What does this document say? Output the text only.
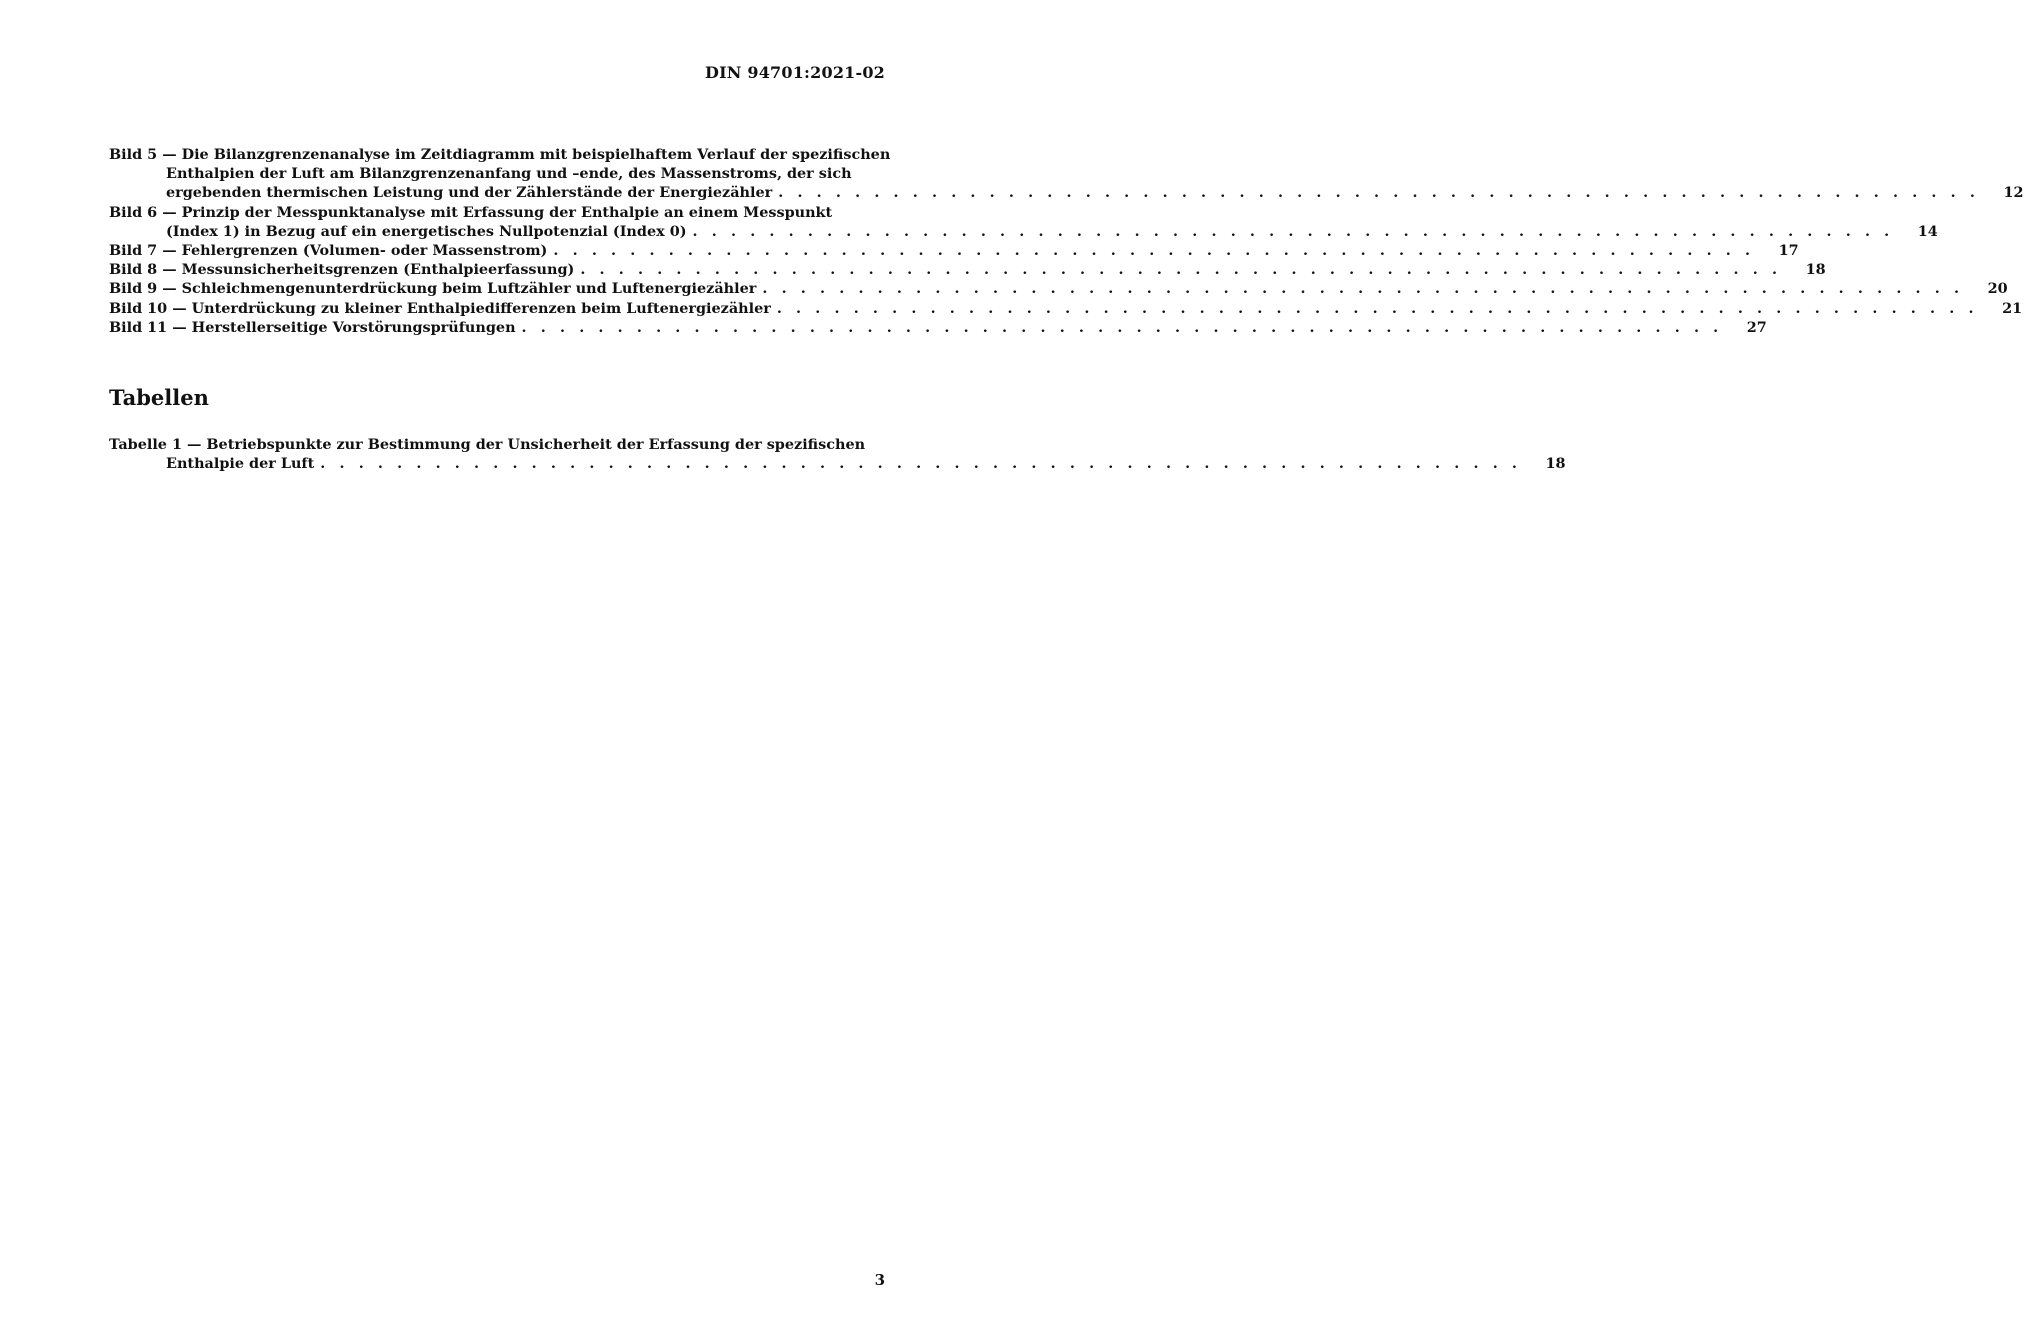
DIN 94701:2021-02
Bild 5 — Die Bilanzgrenzenanalyse im Zeitdiagramm mit beispielhaftem Verlauf der spezifischen
Enthalpien der Luft am Bilanzgrenzenanfang und –ende, des Massenstroms, der sich
ergebenden thermischen Leistung und der Zählerstände der Energiezähler . . . . . . . . . . . . . . . . . . . . . . . . . . . . . . . . . . . . . . . . . . . . . . . . . . . . . . . . . . . . . . . 12
Bild 6 — Prinzip der Messpunktanalyse mit Erfassung der Enthalpie an einem Messpunkt
(Index 1) in Bezug auf ein energetisches Nullpotenzial (Index 0) . . . . . . . . . . . . . . . . . . . . . . . . . . . . . . . . . . . . . . . . . . . . . . . . . . . . . . . . . . . . . . . 14
Bild 7 — Fehlergrenzen (Volumen- oder Massenstrom) . . . . . . . . . . . . . . . . . . . . . . . . . . . . . . . . . . . . . . . . . . . . . . . . . . . . . . . . . . . . . . . 17
Bild 8 — Messunsicherheitsgrenzen (Enthalpieerfassung) . . . . . . . . . . . . . . . . . . . . . . . . . . . . . . . . . . . . . . . . . . . . . . . . . . . . . . . . . . . . . . . 18
Bild 9 — Schleichmengenunterdrückung beim Luftzähler und Luftenergiezähler . . . . . . . . . . . . . . . . . . . . . . . . . . . . . . . . . . . . . . . . . . . . . . . . . . . . . . . . . . . . . . . 20
Bild 10 — Unterdrückung zu kleiner Enthalpiedifferenzen beim Luftenergiezähler . . . . . . . . . . . . . . . . . . . . . . . . . . . . . . . . . . . . . . . . . . . . . . . . . . . . . . . . . . . . . . . 21
Bild 11 — Herstellerseitige Vorstörungsprüfungen . . . . . . . . . . . . . . . . . . . . . . . . . . . . . . . . . . . . . . . . . . . . . . . . . . . . . . . . . . . . . . . 27
Tabellen
Tabelle 1 — Betriebspunkte zur Bestimmung der Unsicherheit der Erfassung der spezifischen
Enthalpie der Luft . . . . . . . . . . . . . . . . . . . . . . . . . . . . . . . . . . . . . . . . . . . . . . . . . . . . . . . . . . . . . . . 18
3
